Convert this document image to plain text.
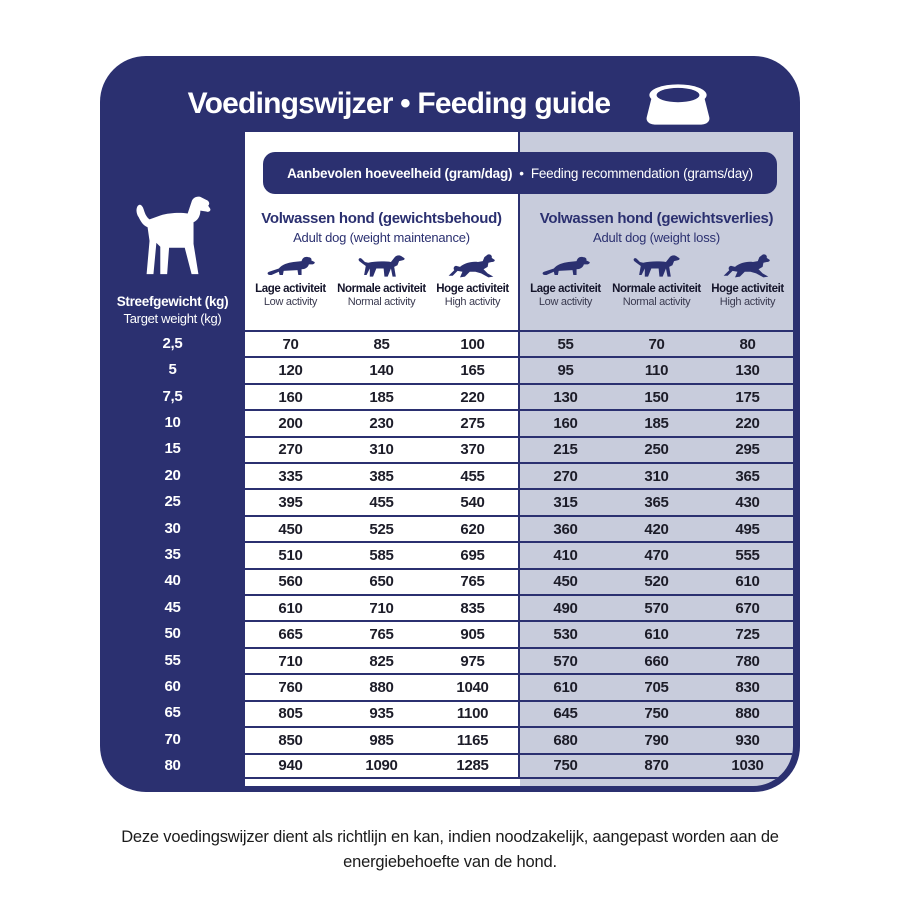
Voedingswijzer • Feeding guide
Streefgewicht (kg)
Target weight (kg)
Volwassen hond (gewichtsbehoud)
Adult dog (weight maintenance)
Lage activiteit
Low activity
Normale activiteit
Normal activity
Hoge activiteit
High activity
Volwassen hond (gewichtsverlies)
Adult dog (weight loss)
Lage activiteit
Low activity
Normale activiteit
Normal activity
Hoge activiteit
High activity
Aanbevolen hoeveelheid (gram/dag) • Feeding recommendation (grams/day)
2,5	70	85	100	55	70	80
5	120	140	165	95	110	130
7,5	160	185	220	130	150	175
10	200	230	275	160	185	220
15	270	310	370	215	250	295
20	335	385	455	270	310	365
25	395	455	540	315	365	430
30	450	525	620	360	420	495
35	510	585	695	410	470	555
40	560	650	765	450	520	610
45	610	710	835	490	570	670
50	665	765	905	530	610	725
55	710	825	975	570	660	780
60	760	880	1040	610	705	830
65	805	935	1100	645	750	880
70	850	985	1165	680	790	930
80	940	1090	1285	750	870	1030

Deze voedingswijzer dient als richtlijn en kan, indien noodzakelijk, aangepast worden aan de energiebehoefte van de hond.
